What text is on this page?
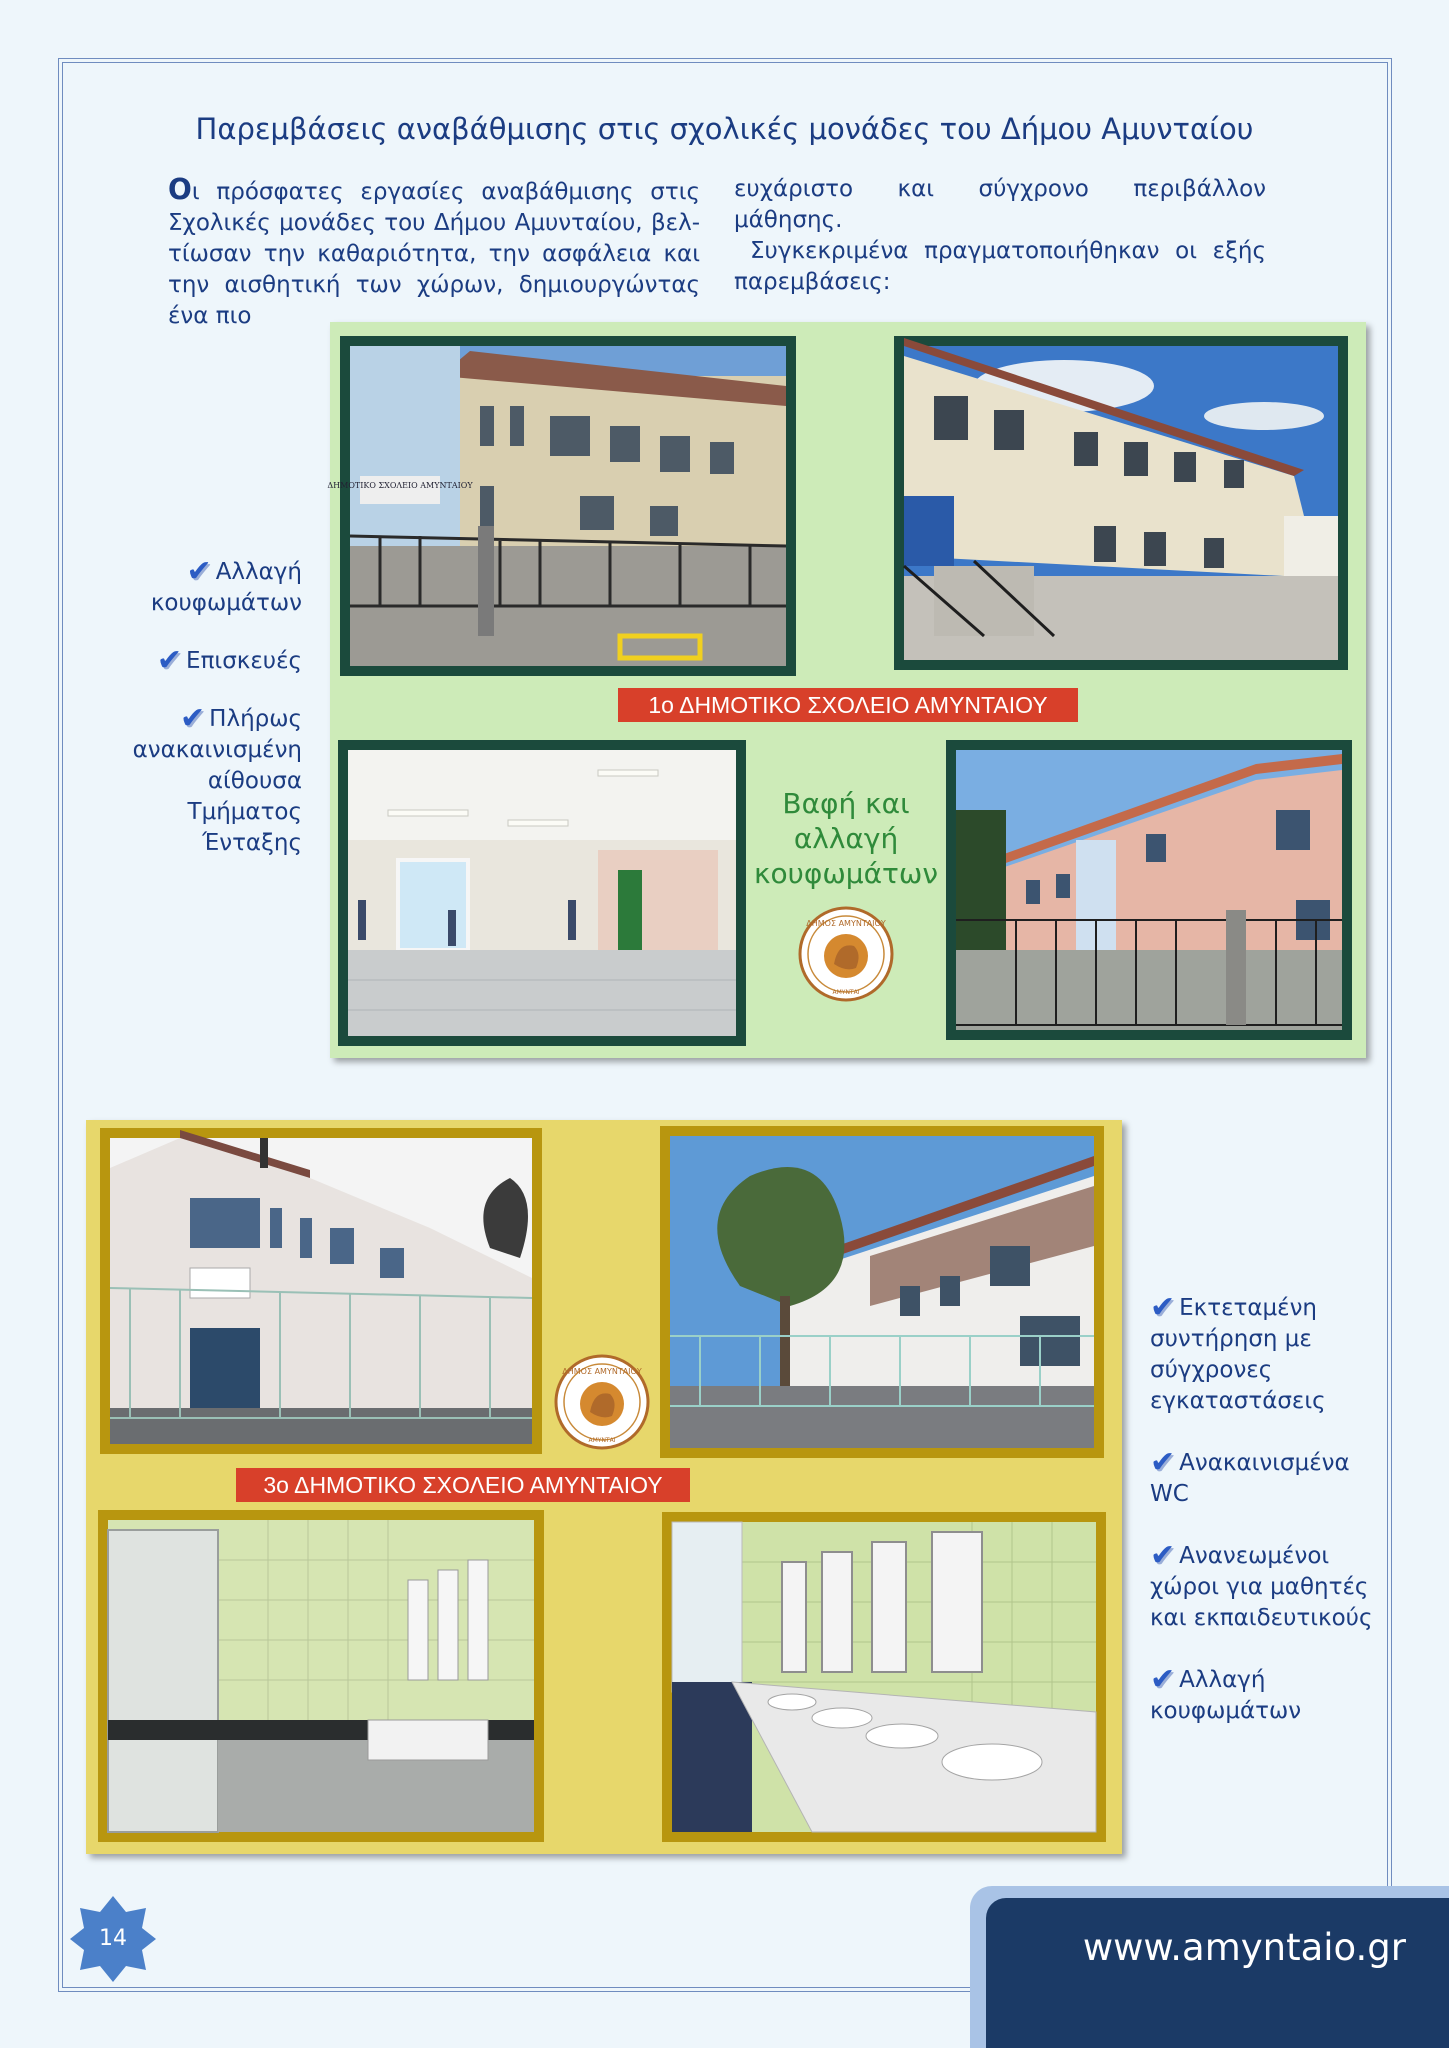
Παρεμβάσεις αναβάθμισης στις σχολικές μονάδες του Δήμου Αμυνταίου
Οι πρόσφατες εργασίες αναβάθμισης στις Σχολικές μονάδες του Δήμου Αμυνταίου, βελ-τίωσαν την καθαριότητα, την ασφάλεια και την αισθητική των χώρων, δημιουργώντας ένα πιο
ευχάριστο και σύγχρονο περιβάλλον μάθησης.
Συγκεκριμένα πραγματοποιήθηκαν οι εξής παρεμβάσεις:
✔ Αλλαγή κουφωμάτων
✔ Επισκευές
✔ Πλήρως ανακαινισμένη αίθουσα Τμήματος Ένταξης
ΔΗΜΟΤΙΚΟ ΣΧΟΛΕΙΟ ΑΜΥΝΤΑΙΟΥ
1ο ΔΗΜΟΤΙΚΟ ΣΧΟΛΕΙΟ ΑΜΥΝΤΑΙΟΥ
Βαφή και αλλαγή κουφωμάτων
ΔΗΜΟΣ ΑΜΥΝΤΑΙΟΥ
ΑΜΥΝΤΑΙ
ΔΗΜΟΣ ΑΜΥΝΤΑΙΟΥ
ΑΜΥΝΤΑΙ
3ο ΔΗΜΟΤΙΚΟ ΣΧΟΛΕΙΟ ΑΜΥΝΤΑΙΟΥ
✔ Εκτεταμένη συντήρηση με σύγχρονες εγκαταστάσεις
✔ Ανακαινισμένα WC
✔ Ανανεωμένοι χώροι για μαθητές και εκπαιδευτικούς
✔ Αλλαγή κουφωμάτων
14	www.amyntaio.gr
